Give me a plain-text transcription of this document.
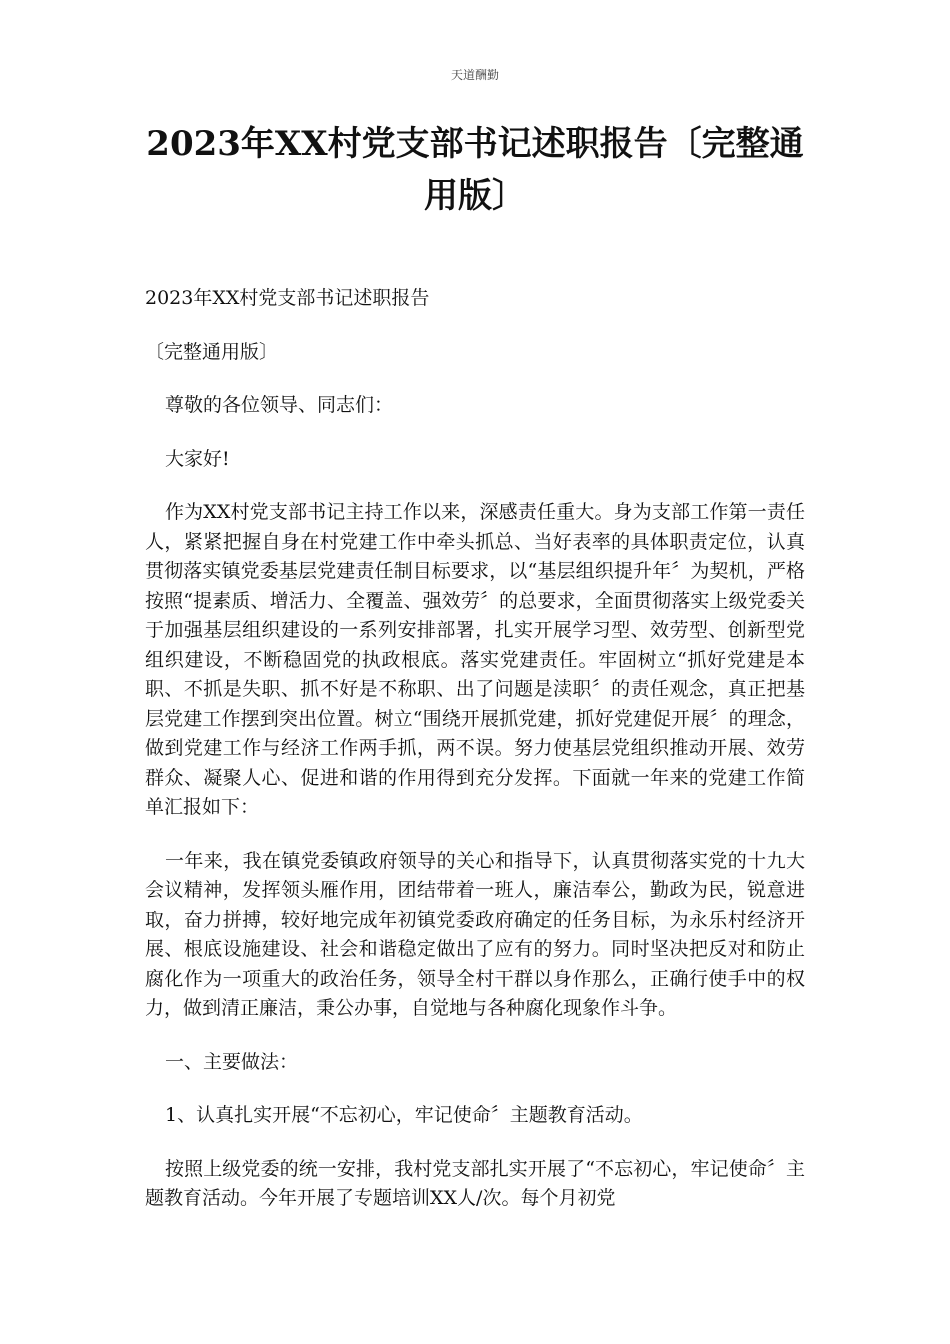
天道酬勤
2023年XX村党支部书记述职报告〔完整通用版〕

2023年XX村党支部书记述职报告

〔完整通用版〕

尊敬的各位领导、同志们：

大家好!

作为XX村党支部书记主持工作以来，深感责任重大。身为支部工作第一责任人，紧紧把握自身在村党建工作中牵头抓总、当好表率的具体职责定位，认真贯彻落实镇党委基层党建责任制目标要求，以“基层组织提升年〞为契机，严格按照“提素质、增活力、全覆盖、强效劳〞的总要求，全面贯彻落实上级党委关于加强基层组织建设的一系列安排部署，扎实开展学习型、效劳型、创新型党组织建设，不断稳固党的执政根底。落实党建责任。牢固树立“抓好党建是本职、不抓是失职、抓不好是不称职、出了问题是渎职〞的责任观念，真正把基层党建工作摆到突出位置。树立“围绕开展抓党建，抓好党建促开展〞的理念，做到党建工作与经济工作两手抓，两不误。努力使基层党组织推动开展、效劳群众、凝聚人心、促进和谐的作用得到充分发挥。下面就一年来的党建工作简单汇报如下：

一年来，我在镇党委镇政府领导的关心和指导下，认真贯彻落实党的十九大会议精神，发挥领头雁作用，团结带着一班人，廉洁奉公，勤政为民，锐意进取，奋力拼搏，较好地完成年初镇党委政府确定的任务目标，为永乐村经济开展、根底设施建设、社会和谐稳定做出了应有的努力。同时坚决把反对和防止腐化作为一项重大的政治任务，领导全村干群以身作那么，正确行使手中的权力，做到清正廉洁，秉公办事，自觉地与各种腐化现象作斗争。

一、主要做法：

1、认真扎实开展“不忘初心，牢记使命〞主题教育活动。

按照上级党委的统一安排，我村党支部扎实开展了“不忘初心，牢记使命〞主题教育活动。今年开展了专题培训XX人/次。每个月初党
